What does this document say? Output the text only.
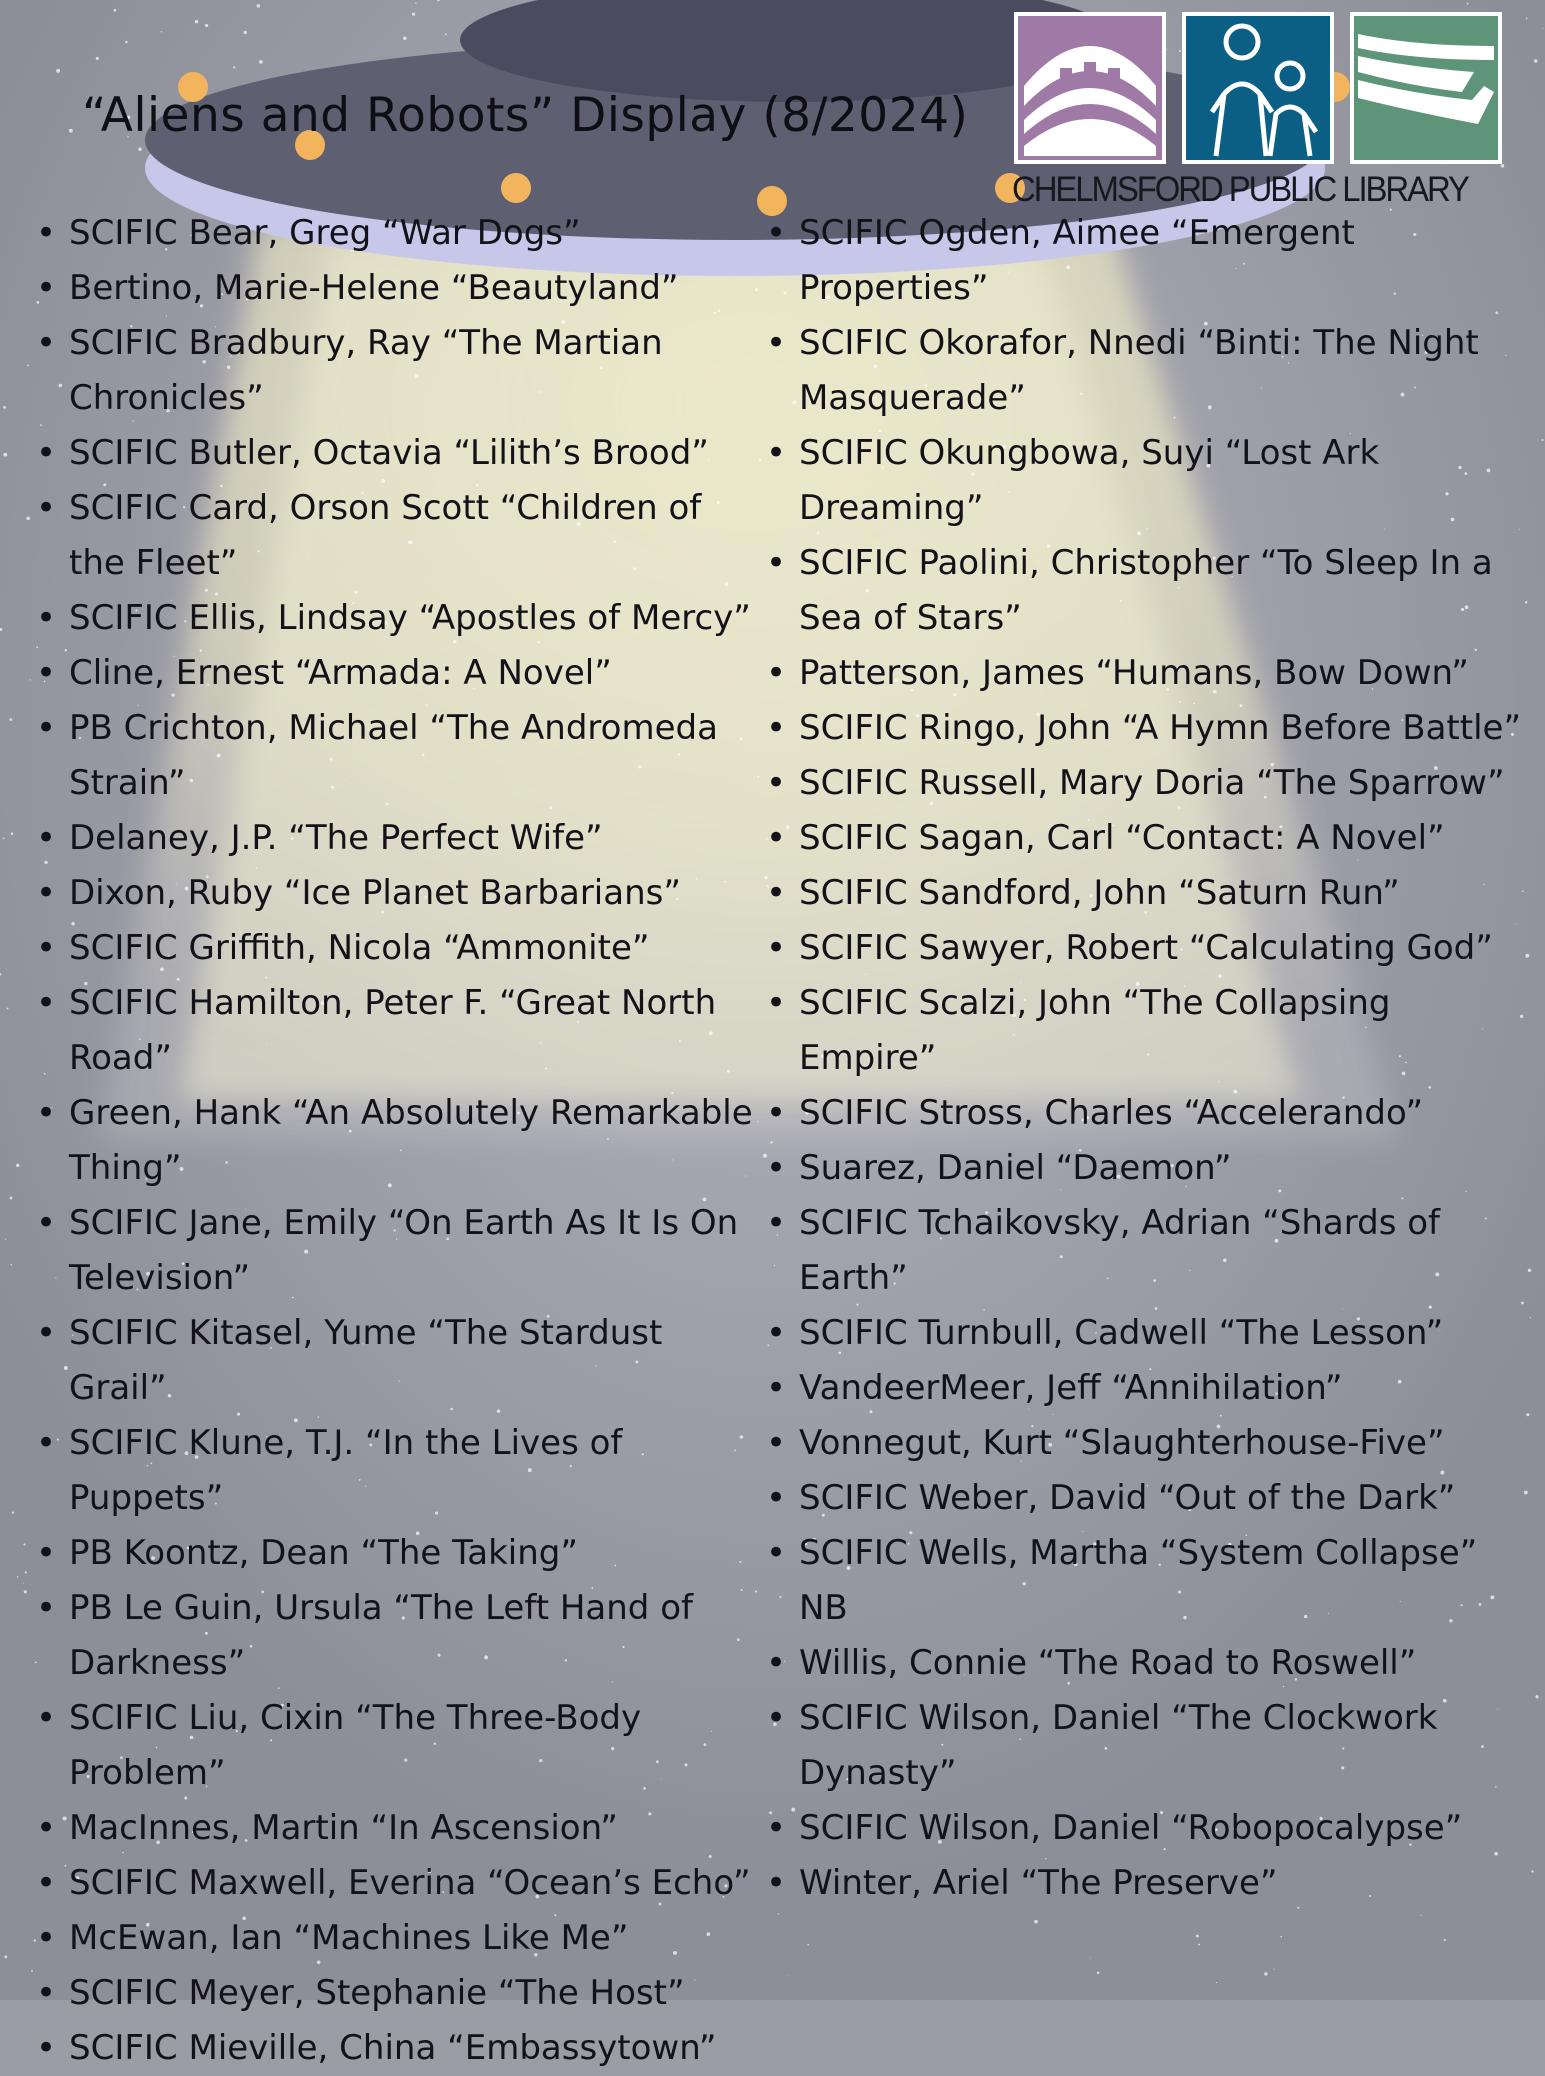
“Aliens and Robots” Display (8/2024)
CHELMSFORD PUBLIC LIBRARY
• SCIFIC Bear, Greg “War Dogs”
• Bertino, Marie-Helene “Beautyland”
• SCIFIC Bradbury, Ray “The Martian Chronicles”
• SCIFIC Butler, Octavia “Lilith’s Brood”
• SCIFIC Card, Orson Scott “Children of the Fleet”
• SCIFIC Ellis, Lindsay “Apostles of Mercy”
• Cline, Ernest “Armada: A Novel”
• PB Crichton, Michael “The Andromeda Strain”
• Delaney, J.P. “The Perfect Wife”
• Dixon, Ruby “Ice Planet Barbarians”
• SCIFIC Griffith, Nicola “Ammonite”
• SCIFIC Hamilton, Peter F. “Great North Road”
• Green, Hank “An Absolutely Remarkable Thing”
• SCIFIC Jane, Emily “On Earth As It Is On Television”
• SCIFIC Kitasel, Yume “The Stardust Grail”
• SCIFIC Klune, T.J. “In the Lives of Puppets”
• PB Koontz, Dean “The Taking”
• PB Le Guin, Ursula “The Left Hand of Darkness”
• SCIFIC Liu, Cixin “The Three-Body Problem”
• MacInnes, Martin “In Ascension”
• SCIFIC Maxwell, Everina “Ocean’s Echo”
• McEwan, Ian “Machines Like Me”
• SCIFIC Meyer, Stephanie “The Host”
• SCIFIC Mieville, China “Embassytown”
• SCIFIC Ogden, Aimee “Emergent Properties”
• SCIFIC Okorafor, Nnedi “Binti: The Night Masquerade”
• SCIFIC Okungbowa, Suyi “Lost Ark Dreaming”
• SCIFIC Paolini, Christopher “To Sleep In a Sea of Stars”
• Patterson, James “Humans, Bow Down”
• SCIFIC Ringo, John “A Hymn Before Battle”
• SCIFIC Russell, Mary Doria “The Sparrow”
• SCIFIC Sagan, Carl “Contact: A Novel”
• SCIFIC Sandford, John “Saturn Run”
• SCIFIC Sawyer, Robert “Calculating God”
• SCIFIC Scalzi, John “The Collapsing Empire”
• SCIFIC Stross, Charles “Accelerando”
• Suarez, Daniel “Daemon”
• SCIFIC Tchaikovsky, Adrian “Shards of Earth”
• SCIFIC Turnbull, Cadwell “The Lesson”
• VandeerMeer, Jeff “Annihilation”
• Vonnegut, Kurt “Slaughterhouse-Five”
• SCIFIC Weber, David “Out of the Dark”
• SCIFIC Wells, Martha “System Collapse” NB
• Willis, Connie “The Road to Roswell”
• SCIFIC Wilson, Daniel “The Clockwork Dynasty”
• SCIFIC Wilson, Daniel “Robopocalypse”
• Winter, Ariel “The Preserve”
